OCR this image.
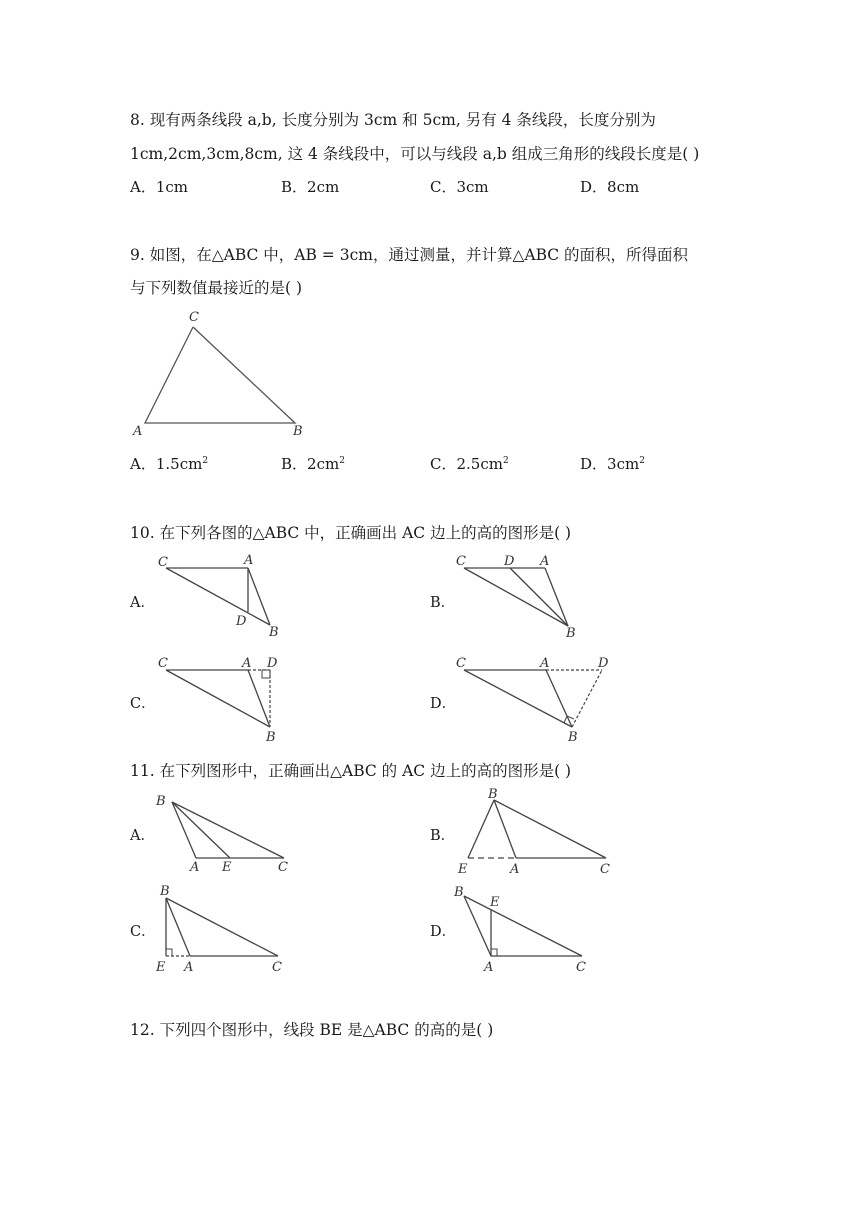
8. 现有两条线段 a,b, 长度分别为 3cm 和 5cm, 另有 4 条线段，长度分别为
1cm,2cm,3cm,8cm, 这 4 条线段中，可以与线段 a,b 组成三角形的线段长度是( )
A．1cm	B．2cm	C．3cm	D．8cm
9. 如图，在△ABC 中，AB = 3cm，通过测量，并计算△ABC 的面积，所得面积
与下列数值最接近的是( )
C
A	B
A．$1.5cm^2$	B．$2cm^2$	C．$2.5cm^2$	D．$3cm^2$
10. 在下列各图的△ABC 中，正确画出 AC 边上的高的图形是( )
A．
C	A
D
B
B．
C	D A
B
C．
C	A D
B
D．
C	A	D
B
11. 在下列图形中，正确画出△ABC 的 AC 边上的高的图形是( )
A．
B
A E	C
B．
B
E	A	C
C．
B
E A	C
D．
B
E
A	C
12. 下列四个图形中，线段 BE 是△ABC 的高的是( )
